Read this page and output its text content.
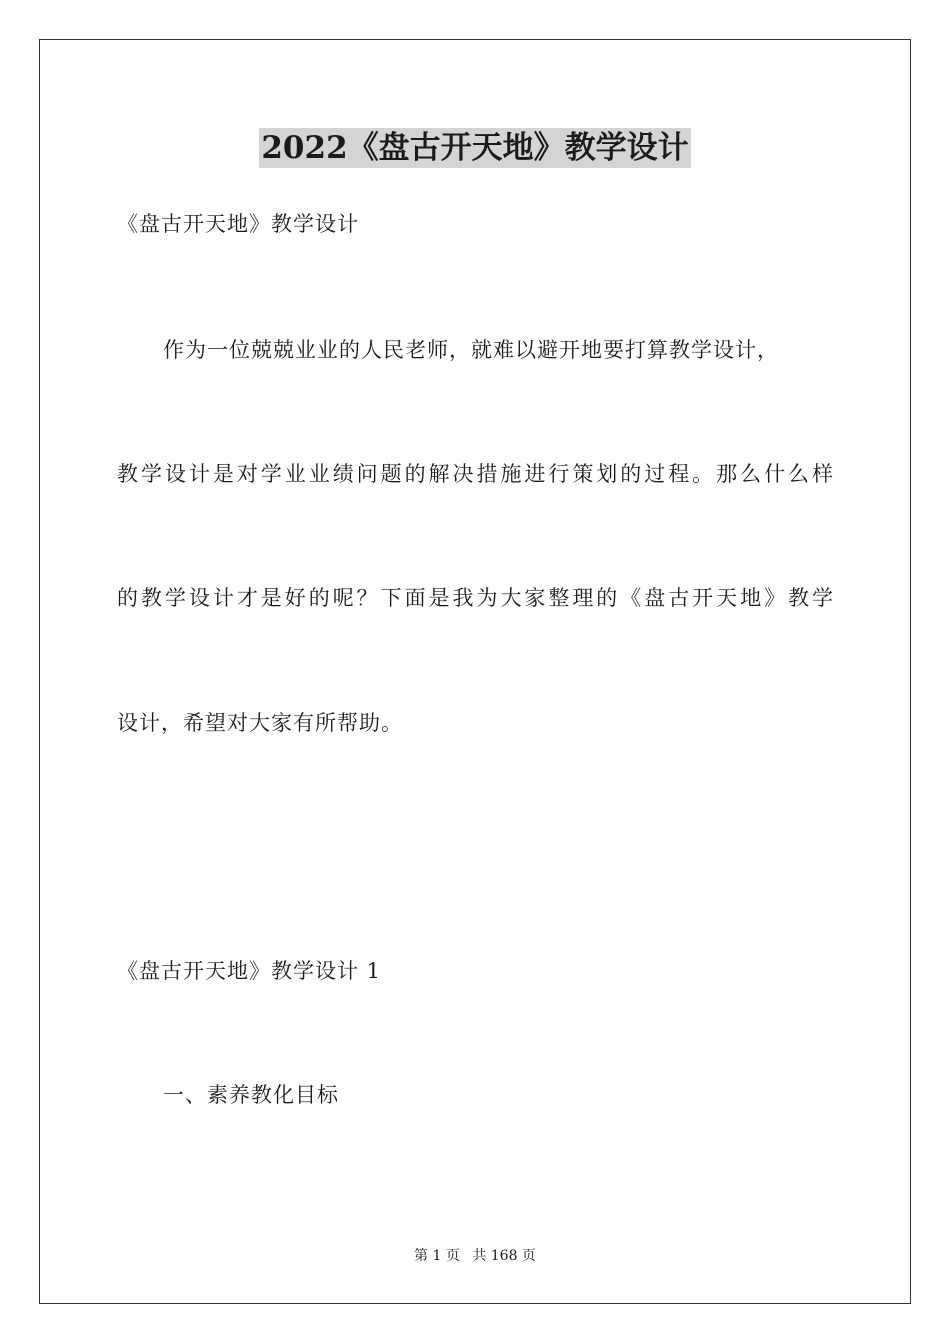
2022《盘古开天地》教学设计
《盘古开天地》教学设计
作为一位兢兢业业的人民老师，就难以避开地要打算教学设计，
教学设计是对学业业绩问题的解决措施进行策划的过程。那么什么样
的教学设计才是好的呢？下面是我为大家整理的《盘古开天地》教学
设计，希望对大家有所帮助。
《盘古开天地》教学设计 1
一、素养教化目标
第 1 页 共 168 页
